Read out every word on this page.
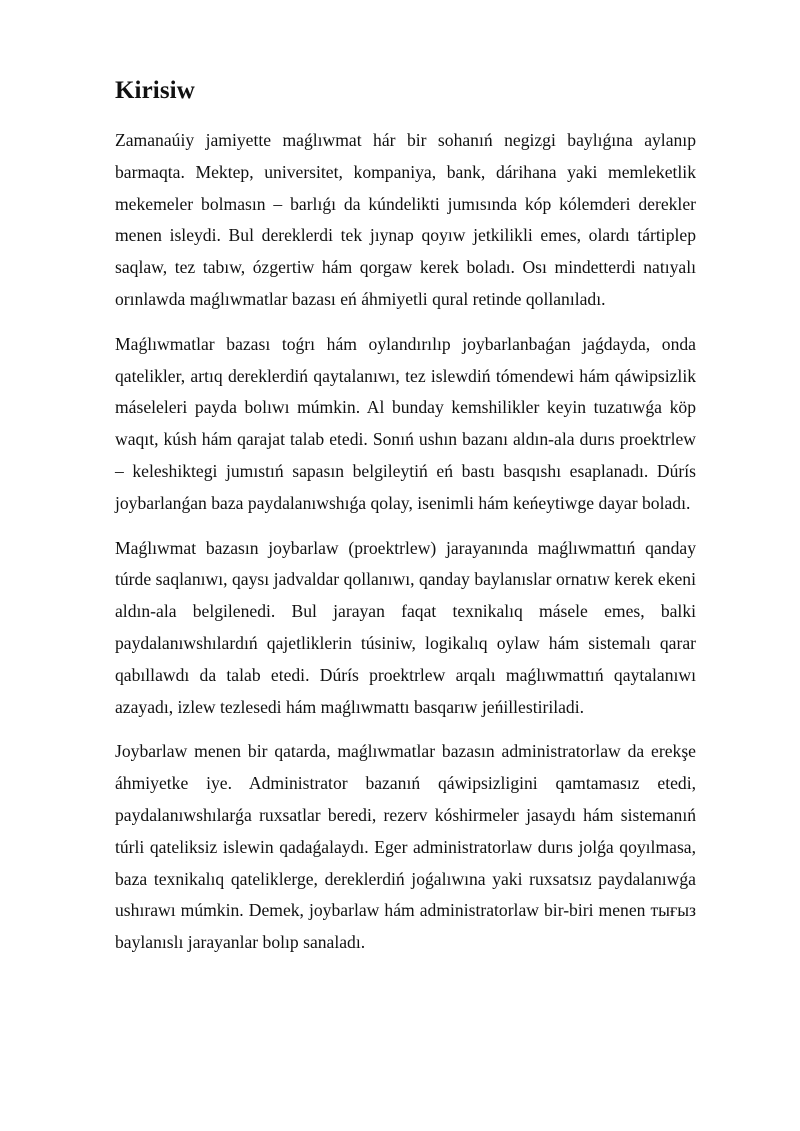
Kirisiw

Zamanaúiy jamiyette maǵlıwmat hár bir sohanıń negizgi baylıǵına aylanıp barmaqta. Mektep, universitet, kompaniya, bank, dárihana yaki memleketlik mekemeler bolmasın – barlıǵı da kúndelikti jumısında kóp kólemderi derekler menen isleydi. Bul dereklerdi tek jıynap qoyıw jetkilikli emes, olardı tártiplep saqlaw, tez tabıw, ózgertiw hám qorgaw kerek boladı. Osı mindetterdi natıyalı orınlawda maǵlıwmatlar bazası eń áhmiyetli qural retinde qollanıladı.

Maǵlıwmatlar bazası toǵrı hám oylandırılıp joybarlanbaǵan jaǵdayda, onda qatelikler, artıq dereklerdiń qaytalanıwı, tez islewdiń tómendewi hám qáwipsizlik máseleleri payda bolıwı múmkin. Al bunday kemshilikler keyin tuzatıwǵa köp waqıt, kúsh hám qarajat talab etedi. Sonıń ushın bazanı aldın-ala durıs proektrlew – keleshiktegi jumıstıń sapasın belgileytiń eń bastı basqıshı esaplanadı. Dúrís joybarlanǵan baza paydalanıwshıǵa qolay, isenimli hám keńeytiwge dayar boladı.

Maǵlıwmat bazasın joybarlaw (proektrlew) jarayanında maǵlıwmattıń qanday túrde saqlanıwı, qaysı jadvaldar qollanıwı, qanday baylanıslar ornatıw kerek ekeni aldın-ala belgilenedi. Bul jarayan faqat texnikalıq másele emes, balki paydalanıwshılardıń qajetliklerin túsiniw, logikalıq oylaw hám sistemalı qarar qabıllawdı da talab etedi. Dúrís proektrlew arqalı maǵlıwmattıń qaytalanıwı azayadı, izlew tezlesedi hám maǵlıwmattı basqarıw jeńillestiriladi.

Joybarlaw menen bir qatarda, maǵlıwmatlar bazasın administratorlaw da erekşe áhmiyetke iye. Administrator bazanıń qáwipsizligini qamtamasız etedi, paydalanıwshılarǵa ruxsatlar beredi, rezerv kóshirmeler jasaydı hám sistemanıń túrli qateliksiz islewin qadaǵalaydı. Eger administratorlaw durıs jolǵa qoyılmasa, baza texnikalıq qateliklerge, dereklerdiń joǵalıwına yaki ruxsatsız paydalanıwǵa ushırawı múmkin. Demek, joybarlaw hám administratorlaw bir-biri menen тығыз baylanıslı jarayanlar bolıp sanaladı.
